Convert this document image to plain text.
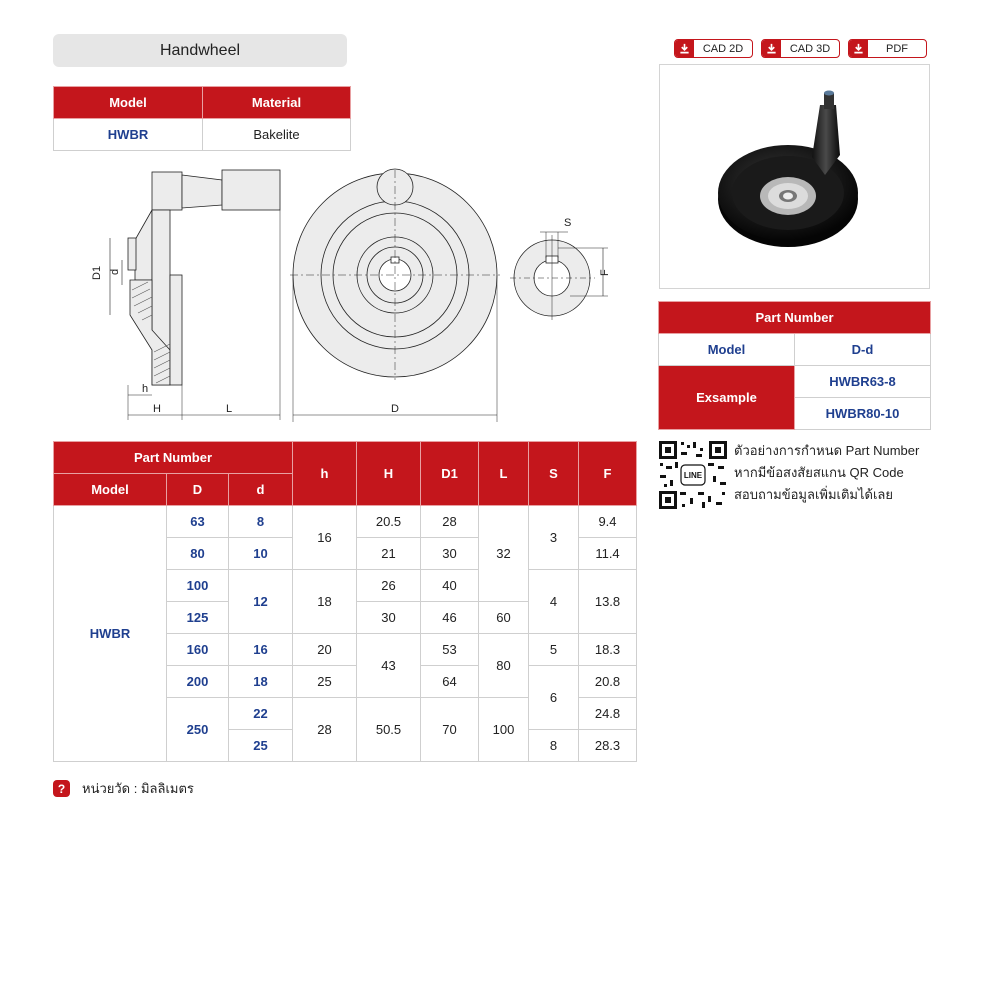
Handwheel	CAD 2D	CAD 3D	PDF
Model	Material
HWBR	Bakelite
D1 d
h
H	L	D
S
F
Part Number	
Model	D-d
Exsample	HWBR63-8
	HWBR80-10
LINE
ตัวอย่างการกำหนด Part Number
หากมีข้อสงสัยสแกน QR Code
สอบถามข้อมูลเพิ่มเติมได้เลย
Part Number			h	H	D1	L	S	F
Model	D	d						
HWBR	63	8	16	20.5	28	32	3	9.4
	80	10		21	30			11.4
	100	12	18	26	40		4	13.8
	125			30	46	60		
	160	16	20	43	53	80	5	18.3
	200	18	25		64		6	20.8
	250	22	28	50.5	70	100		24.8
		25					8	28.3
?	หน่วยวัด : มิลลิเมตร
